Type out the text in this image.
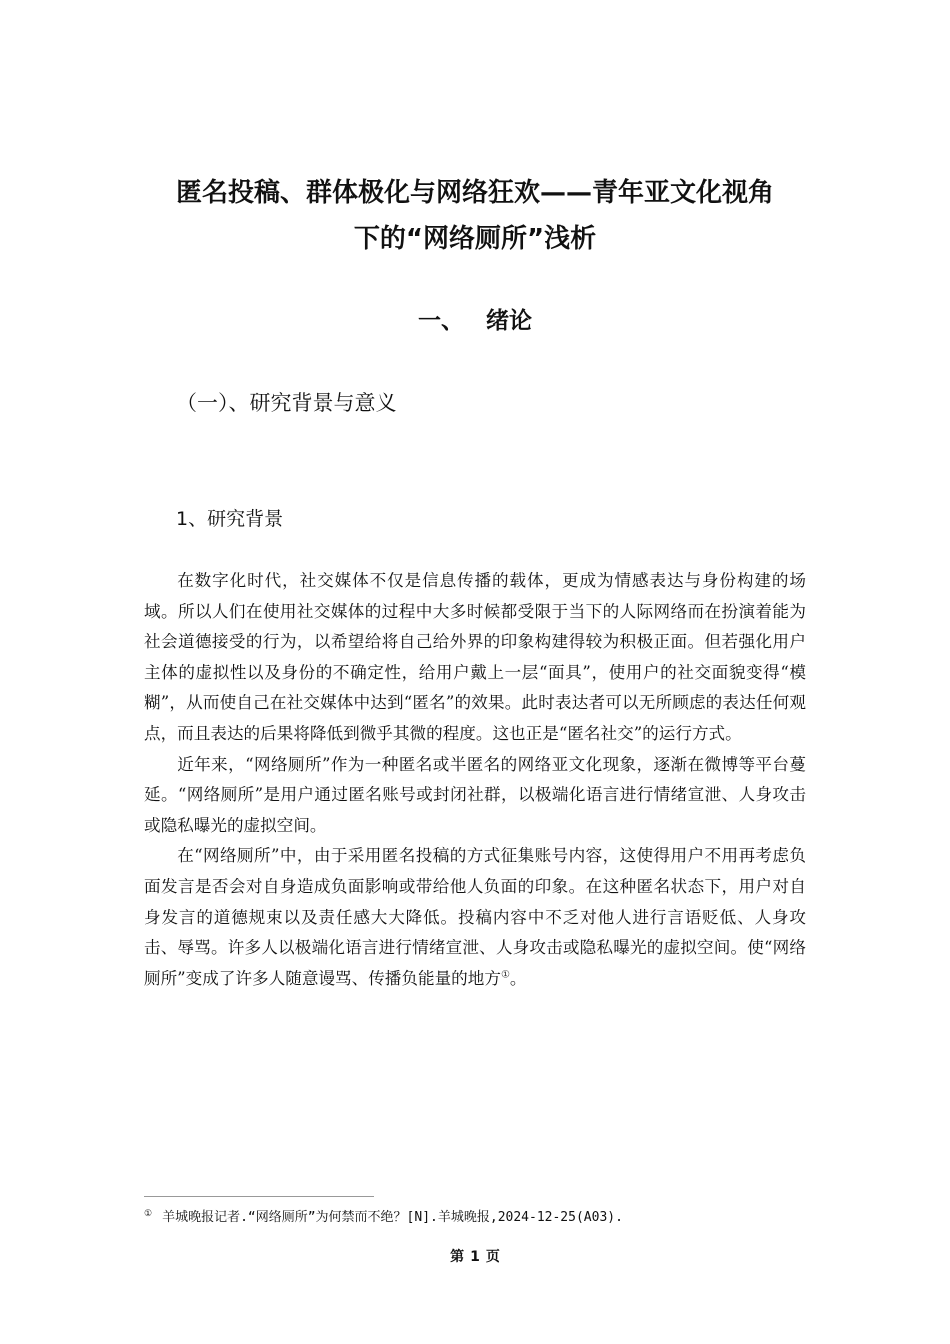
匿名投稿、群体极化与网络狂欢——青年亚文化视角
下的“网络厕所”浅析
一、 绪论
（一）、研究背景与意义
1、研究背景

在数字化时代，社交媒体不仅是信息传播的载体，更成为情感表达与身份构建的场域。所以人们在使用社交媒体的过程中大多时候都受限于当下的人际网络而在扮演着能为社会道德接受的行为，以希望给将自己给外界的印象构建得较为积极正面。但若强化用户主体的虚拟性以及身份的不确定性，给用户戴上一层“面具”，使用户的社交面貌变得“模糊”，从而使自己在社交媒体中达到“匿名”的效果。此时表达者可以无所顾虑的表达任何观点，而且表达的后果将降低到微乎其微的程度。这也正是“匿名社交”的运行方式。

近年来，“网络厕所”作为一种匿名或半匿名的网络亚文化现象，逐渐在微博等平台蔓延。“网络厕所”是用户通过匿名账号或封闭社群，以极端化语言进行情绪宣泄、人身攻击或隐私曝光的虚拟空间。

在“网络厕所”中，由于采用匿名投稿的方式征集账号内容，这使得用户不用再考虑负面发言是否会对自身造成负面影响或带给他人负面的印象。在这种匿名状态下，用户对自身发言的道德规束以及责任感大大降低。投稿内容中不乏对他人进行言语贬低、人身攻击、辱骂。许多人以极端化语言进行情绪宣泄、人身攻击或隐私曝光的虚拟空间。使“网络厕所”变成了许多人随意谩骂、传播负能量的地方①。

① 羊城晚报记者.“网络厕所”为何禁而不绝？[N].羊城晚报,2024-12-25(A03).
第 1 页
